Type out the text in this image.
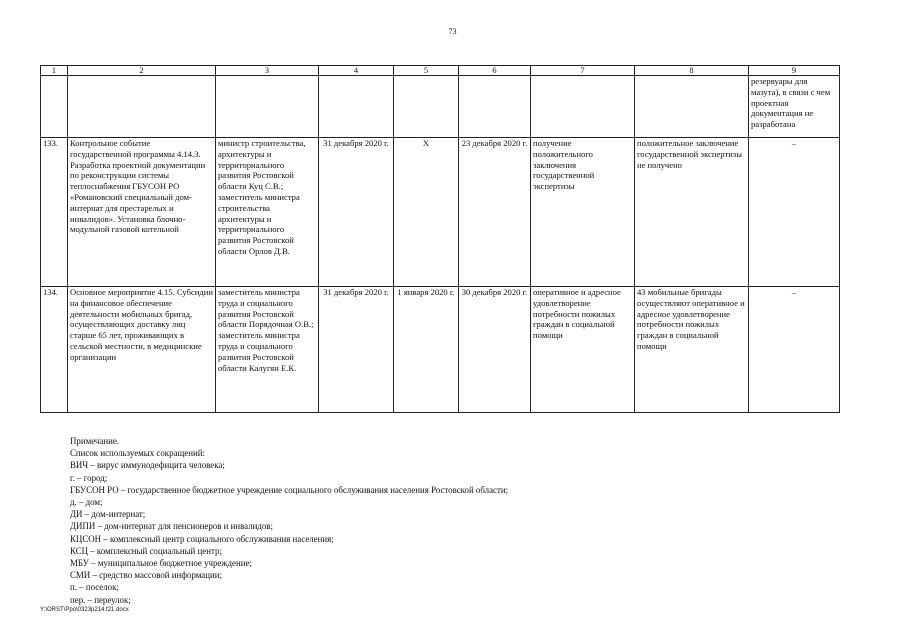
73
1	2	3	4	5	6	7	8	9
								резервуары для мазута), в связи с чем проектная документация не разработана
133.	Контрольное событие государственной программы 4.14.3. Разработка проектной документации по реконструкции системы теплоснабжения ГБУСОН РО «Романовский специальный дом-интернат для престарелых и инвалидов». Установка блочно-модульной газовой котельной	министр строительства, архитектуры и территориального развития Ростовской области Куц С.В.; заместитель министра строительства архитектуры и территориального развития Ростовской области Орлов Д.В.	31 декабря 2020 г.	X	23 декабря 2020 г.	получение положительного заключения государственной экспертизы	положительное заключение государственной экспертизы не получено	–
134.	Основное мероприятие 4.15. Субсидии на финансовое обеспечение деятельности мобильных бригад, осуществляющих доставку лиц старше 65 лет, проживающих в сельской местности, в медицинские организации	заместитель министра труда и социального развития Ростовской области Порядочная О.В.; заместитель министра труда и социального развития Ростовской области Калугян Е.К.	31 декабря 2020 г.	1 января 2020 г.	30 декабря 2020 г.	оперативное и адресное удовлетворение потребности пожилых граждан в социальной помощи	43 мобильные бригады осуществляют оперативное и адресное удовлетворение потребности пожилых граждан в социальной помощи	–

Примечание.

Список используемых сокращений:

ВИЧ – вирус иммунодефицита человека;

г. – город;

ГБУСОН РО – государственное бюджетное учреждение социального обслуживания населения Ростовской области;

д. – дом;

ДИ – дом-интернат;

ДИПИ – дом-интернат для пенсионеров и инвалидов;

КЦСОН – комплексный центр социального обслуживания населения;

КСЦ – комплексный социальный центр;

МБУ – муниципальное бюджетное учреждение;

СМИ – средство массовой информации;

п. – поселок;

пер. – переулок;

Y:\ORST\Ppo\0323p214.f21.docx
